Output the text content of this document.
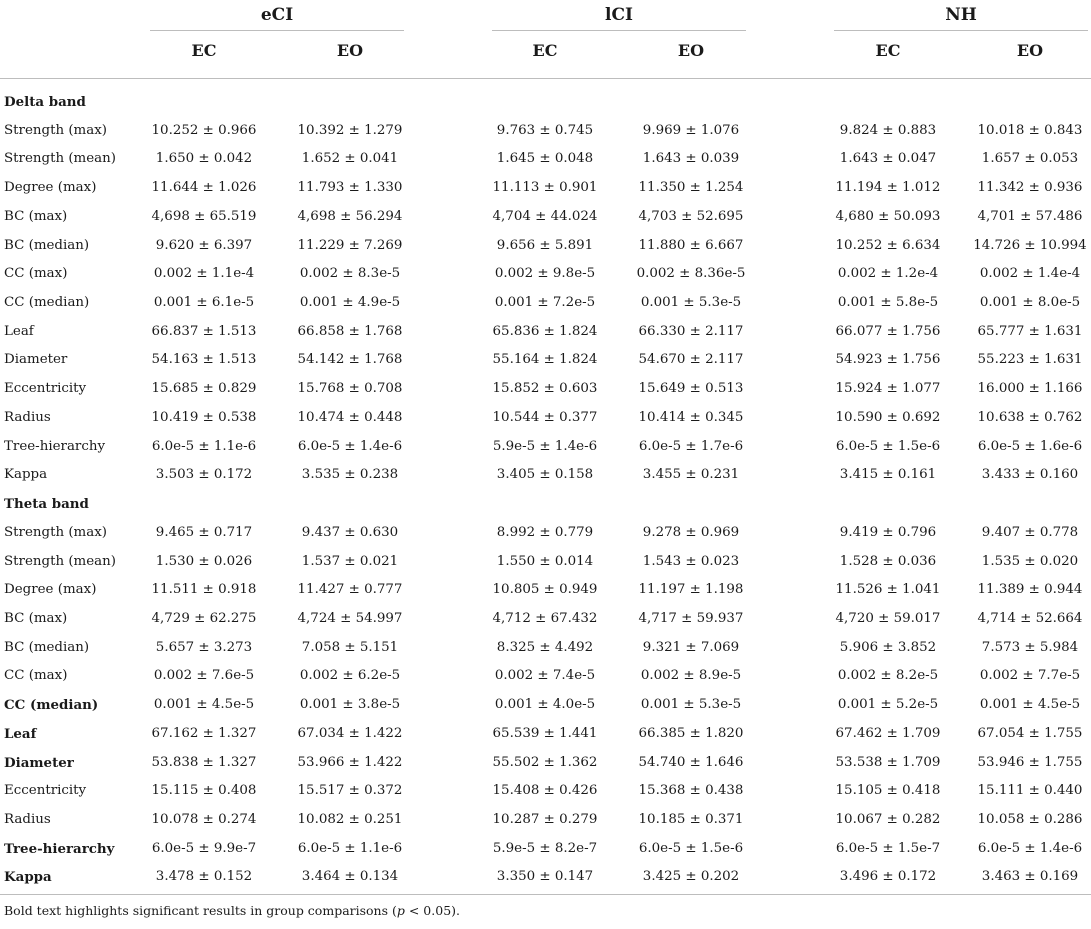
eCI
EC	EO
lCI
EC	EO
NH
EC	EO
Delta band
Strength (max)	10.252 ± 0.966	10.392 ± 1.279	9.763 ± 0.745	9.969 ± 1.076	9.824 ± 0.883	10.018 ± 0.843
Strength (mean)	1.650 ± 0.042	1.652 ± 0.041	1.645 ± 0.048	1.643 ± 0.039	1.643 ± 0.047	1.657 ± 0.053
Degree (max)	11.644 ± 1.026	11.793 ± 1.330	11.113 ± 0.901	11.350 ± 1.254	11.194 ± 1.012	11.342 ± 0.936
BC (max)	4,698 ± 65.519	4,698 ± 56.294	4,704 ± 44.024	4,703 ± 52.695	4,680 ± 50.093	4,701 ± 57.486
BC (median)	9.620 ± 6.397	11.229 ± 7.269	9.656 ± 5.891	11.880 ± 6.667	10.252 ± 6.634	14.726 ± 10.994
CC (max)	0.002 ± 1.1e-4	0.002 ± 8.3e-5	0.002 ± 9.8e-5	0.002 ± 8.36e-5	0.002 ± 1.2e-4	0.002 ± 1.4e-4
CC (median)	0.001 ± 6.1e-5	0.001 ± 4.9e-5	0.001 ± 7.2e-5	0.001 ± 5.3e-5	0.001 ± 5.8e-5	0.001 ± 8.0e-5
Leaf	66.837 ± 1.513	66.858 ± 1.768	65.836 ± 1.824	66.330 ± 2.117	66.077 ± 1.756	65.777 ± 1.631
Diameter	54.163 ± 1.513	54.142 ± 1.768	55.164 ± 1.824	54.670 ± 2.117	54.923 ± 1.756	55.223 ± 1.631
Eccentricity	15.685 ± 0.829	15.768 ± 0.708	15.852 ± 0.603	15.649 ± 0.513	15.924 ± 1.077	16.000 ± 1.166
Radius	10.419 ± 0.538	10.474 ± 0.448	10.544 ± 0.377	10.414 ± 0.345	10.590 ± 0.692	10.638 ± 0.762
Tree-hierarchy	6.0e-5 ± 1.1e-6	6.0e-5 ± 1.4e-6	5.9e-5 ± 1.4e-6	6.0e-5 ± 1.7e-6	6.0e-5 ± 1.5e-6	6.0e-5 ± 1.6e-6
Kappa	3.503 ± 0.172	3.535 ± 0.238	3.405 ± 0.158	3.455 ± 0.231	3.415 ± 0.161	3.433 ± 0.160
Theta band
Strength (max)	9.465 ± 0.717	9.437 ± 0.630	8.992 ± 0.779	9.278 ± 0.969	9.419 ± 0.796	9.407 ± 0.778
Strength (mean)	1.530 ± 0.026	1.537 ± 0.021	1.550 ± 0.014	1.543 ± 0.023	1.528 ± 0.036	1.535 ± 0.020
Degree (max)	11.511 ± 0.918	11.427 ± 0.777	10.805 ± 0.949	11.197 ± 1.198	11.526 ± 1.041	11.389 ± 0.944
BC (max)	4,729 ± 62.275	4,724 ± 54.997	4,712 ± 67.432	4,717 ± 59.937	4,720 ± 59.017	4,714 ± 52.664
BC (median)	5.657 ± 3.273	7.058 ± 5.151	8.325 ± 4.492	9.321 ± 7.069	5.906 ± 3.852	7.573 ± 5.984
CC (max)	0.002 ± 7.6e-5	0.002 ± 6.2e-5	0.002 ± 7.4e-5	0.002 ± 8.9e-5	0.002 ± 8.2e-5	0.002 ± 7.7e-5
CC (median)	0.001 ± 4.5e-5	0.001 ± 3.8e-5	0.001 ± 4.0e-5	0.001 ± 5.3e-5	0.001 ± 5.2e-5	0.001 ± 4.5e-5
Leaf	67.162 ± 1.327	67.034 ± 1.422	65.539 ± 1.441	66.385 ± 1.820	67.462 ± 1.709	67.054 ± 1.755
Diameter	53.838 ± 1.327	53.966 ± 1.422	55.502 ± 1.362	54.740 ± 1.646	53.538 ± 1.709	53.946 ± 1.755
Eccentricity	15.115 ± 0.408	15.517 ± 0.372	15.408 ± 0.426	15.368 ± 0.438	15.105 ± 0.418	15.111 ± 0.440
Radius	10.078 ± 0.274	10.082 ± 0.251	10.287 ± 0.279	10.185 ± 0.371	10.067 ± 0.282	10.058 ± 0.286
Tree-hierarchy	6.0e-5 ± 9.9e-7	6.0e-5 ± 1.1e-6	5.9e-5 ± 8.2e-7	6.0e-5 ± 1.5e-6	6.0e-5 ± 1.5e-7	6.0e-5 ± 1.4e-6
Kappa	3.478 ± 0.152	3.464 ± 0.134	3.350 ± 0.147	3.425 ± 0.202	3.496 ± 0.172	3.463 ± 0.169
Bold text highlights significant results in group comparisons (p < 0.05).
